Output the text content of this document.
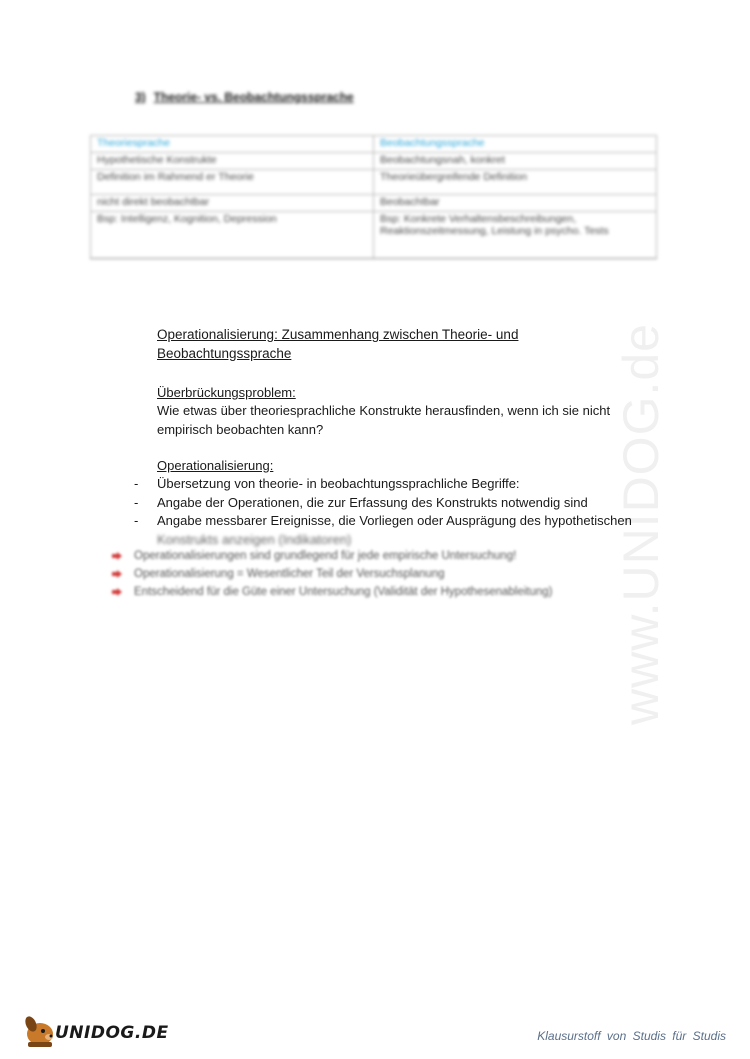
3) Theorie- vs. Beobachtungssprache
Theoriesprache	Beobachtungssprache
Hypothetische Konstrukte	Beobachtungsnah, konkret
Definition im Rahmend er Theorie	Theorieübergreifende Definition
nicht direkt beobachtbar	Beobachtbar
Bsp: Intelligenz, Kognition, Depression	Bsp: Konkrete Verhaltensbeschreibungen, Reaktionszeitmessung, Leistung in psycho. Tests
www.UNIDOG.de
Operationalisierung: Zusammenhang zwischen Theorie- und
Beobachtungssprache
Überbrückungsproblem:
Wie etwas über theoriesprachliche Konstrukte herausfinden, wenn ich sie nicht
empirisch beobachten kann?
Operationalisierung:
- Übersetzung von theorie- in beobachtungssprachliche Begriffe:
- Angabe der Operationen, die zur Erfassung des Konstrukts notwendig sind
- Angabe messbarer Ereignisse, die Vorliegen oder Ausprägung des hypothetischen
Konstrukts anzeigen (Indikatoren)
Operationalisierungen sind grundlegend für jede empirische Untersuchung!
Operationalisierung = Wesentlicher Teil der Versuchsplanung
Entscheidend für die Güte einer Untersuchung (Validität der Hypothesenableitung)
UNIDOG.DE	Klausurstoff von Studis für Studis
